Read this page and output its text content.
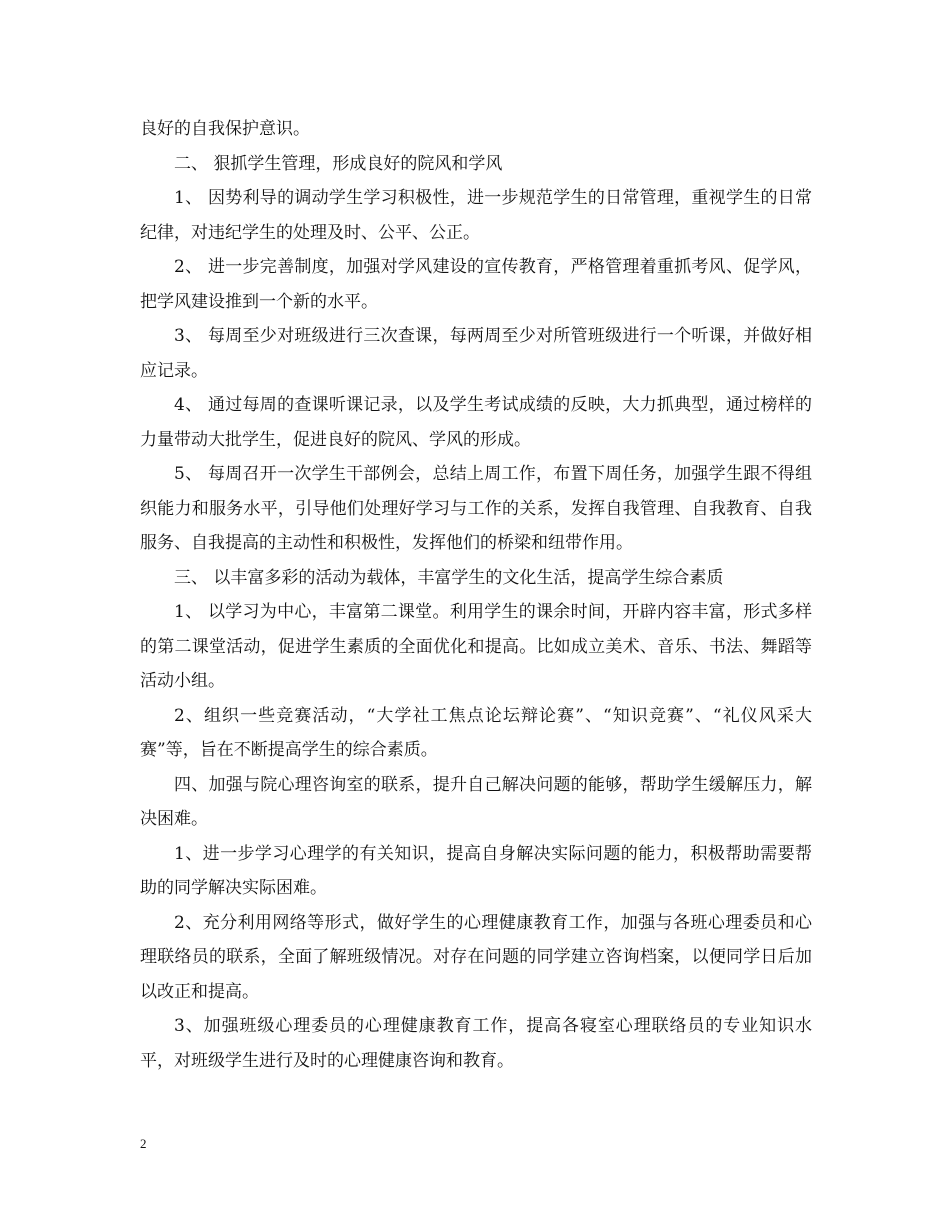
良好的自我保护意识。

二、 狠抓学生管理，形成良好的院风和学风

1、 因势利导的调动学生学习积极性，进一步规范学生的日常管理，重视学生的日常纪律，对违纪学生的处理及时、公平、公正。

2、 进一步完善制度，加强对学风建设的宣传教育，严格管理着重抓考风、促学风，把学风建设推到一个新的水平。

3、 每周至少对班级进行三次查课，每两周至少对所管班级进行一个听课，并做好相应记录。

4、 通过每周的查课听课记录，以及学生考试成绩的反映，大力抓典型，通过榜样的力量带动大批学生，促进良好的院风、学风的形成。

5、 每周召开一次学生干部例会，总结上周工作，布置下周任务，加强学生跟不得组织能力和服务水平，引导他们处理好学习与工作的关系，发挥自我管理、自我教育、自我服务、自我提高的主动性和积极性，发挥他们的桥梁和纽带作用。

三、 以丰富多彩的活动为载体，丰富学生的文化生活，提高学生综合素质

1、 以学习为中心，丰富第二课堂。利用学生的课余时间，开辟内容丰富，形式多样的第二课堂活动，促进学生素质的全面优化和提高。比如成立美术、音乐、书法、舞蹈等活动小组。

2、组织一些竞赛活动，“大学社工焦点论坛辩论赛”、“知识竞赛”、“礼仪风采大赛”等，旨在不断提高学生的综合素质。

四、加强与院心理咨询室的联系，提升自己解决问题的能够，帮助学生缓解压力，解决困难。

1、进一步学习心理学的有关知识，提高自身解决实际问题的能力，积极帮助需要帮助的同学解决实际困难。

2、充分利用网络等形式，做好学生的心理健康教育工作，加强与各班心理委员和心理联络员的联系，全面了解班级情况。对存在问题的同学建立咨询档案，以便同学日后加以改正和提高。

3、加强班级心理委员的心理健康教育工作，提高各寝室心理联络员的专业知识水平，对班级学生进行及时的心理健康咨询和教育。

2
